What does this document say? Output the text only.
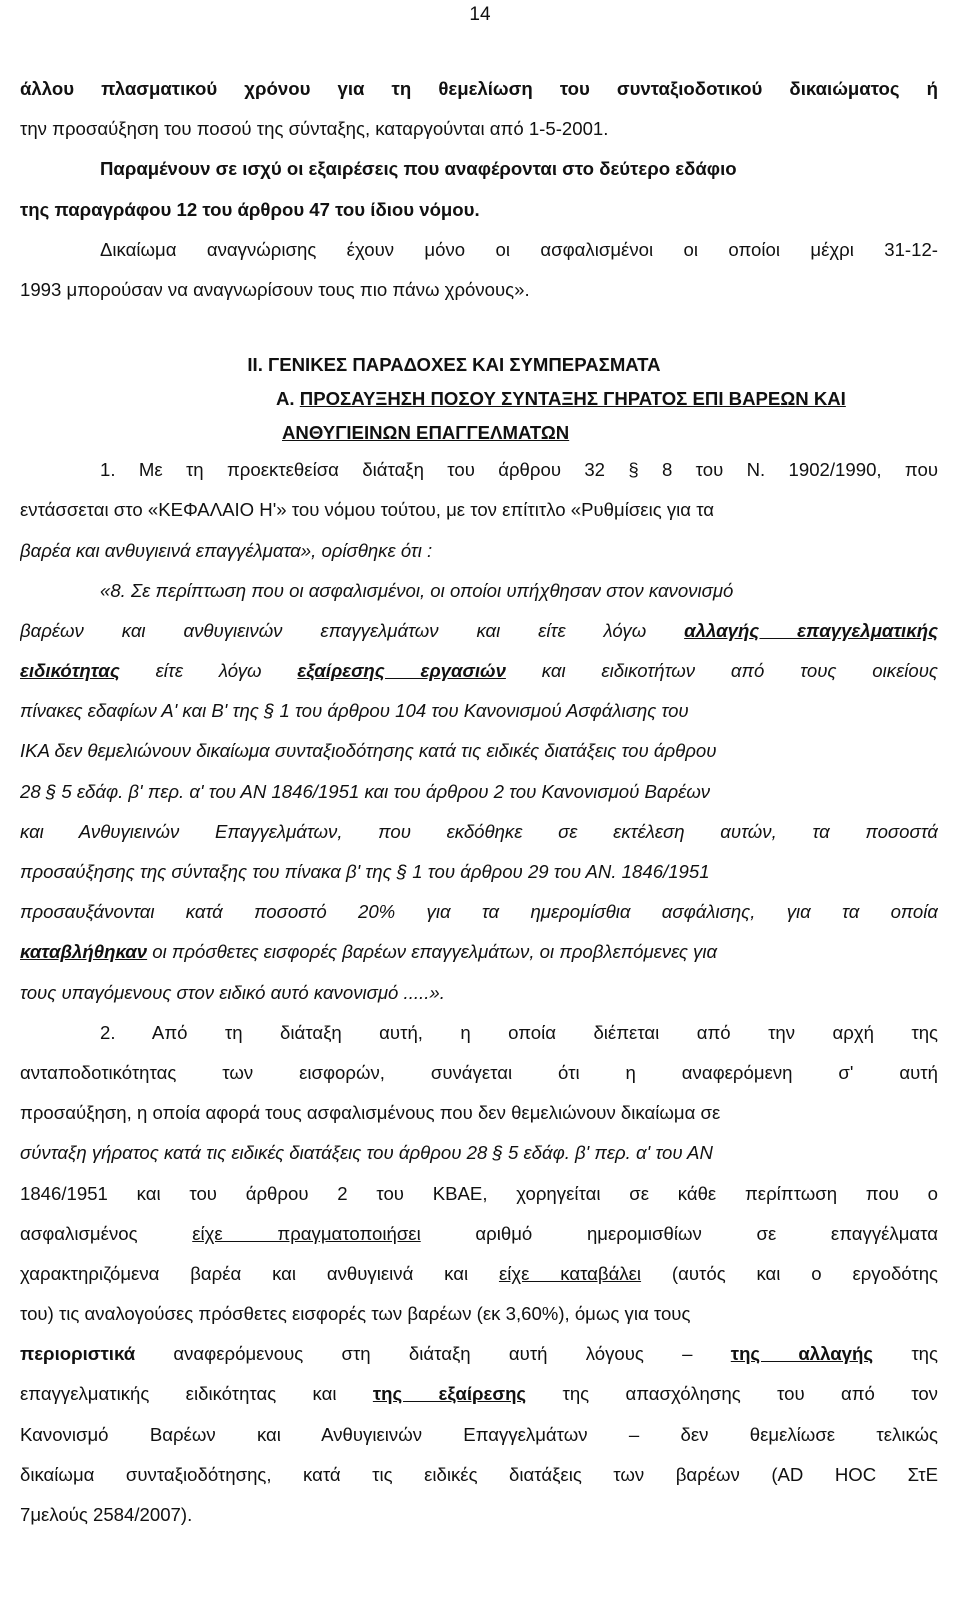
14
άλλου πλασματικού χρόνου για τη θεμελίωση του συνταξιοδοτικού δικαιώματος ή
την προσαύξηση του ποσού της σύνταξης, καταργούνται από 1-5-2001.
Παραμένουν σε ισχύ οι εξαιρέσεις που αναφέρονται στο δεύτερο εδάφιο
της παραγράφου 12 του άρθρου 47 του ίδιου νόμου.
Δικαίωμα αναγνώρισης έχουν μόνο οι ασφαλισμένοι οι οποίοι μέχρι 31-12-
1993 μπορούσαν να αναγνωρίσουν τους πιο πάνω χρόνους».
II. ΓΕΝΙΚΕΣ ΠΑΡΑΔΟΧΕΣ ΚΑΙ ΣΥΜΠΕΡΑΣΜΑΤΑ
Α. ΠΡΟΣΑΥΞΗΣΗ ΠΟΣΟΥ ΣΥΝΤΑΞΗΣ ΓΗΡΑΤΟΣ ΕΠΙ ΒΑΡΕΩΝ ΚΑΙ
ΑΝΘΥΓΙΕΙΝΩΝ ΕΠΑΓΓΕΛΜΑΤΩΝ
1. Με τη προεκτεθείσα διάταξη του άρθρου 32 § 8 του Ν. 1902/1990, που
εντάσσεται στο «ΚΕΦΑΛΑΙΟ Η'» του νόμου τούτου, με τον επίτιτλο «Ρυθμίσεις για τα
βαρέα και ανθυγιεινά επαγγέλματα», ορίσθηκε ότι :
«8. Σε περίπτωση που οι ασφαλισμένοι, οι οποίοι υπήχθησαν στον κανονισμό
βαρέων και ανθυγιεινών επαγγελμάτων και είτε λόγω αλλαγής επαγγελματικής
ειδικότητας είτε λόγω εξαίρεσης εργασιών και ειδικοτήτων από τους οικείους
πίνακες εδαφίων Α' και Β' της § 1 του άρθρου 104 του Κανονισμού Ασφάλισης του
ΙΚΑ δεν θεμελιώνουν δικαίωμα συνταξιοδότησης κατά τις ειδικές διατάξεις του άρθρου
28 § 5 εδάφ. β' περ. α' του ΑΝ 1846/1951 και του άρθρου 2 του Κανονισμού Βαρέων
και Ανθυγιεινών Επαγγελμάτων, που εκδόθηκε σε εκτέλεση αυτών, τα ποσοστά
προσαύξησης της σύνταξης του πίνακα β' της § 1 του άρθρου 29 του ΑΝ. 1846/1951
προσαυξάνονται κατά ποσοστό 20% για τα ημερομίσθια ασφάλισης, για τα οποία
καταβλήθηκαν οι πρόσθετες εισφορές βαρέων επαγγελμάτων, οι προβλεπόμενες για
τους υπαγόμενους στον ειδικό αυτό κανονισμό .....».
2. Από τη διάταξη αυτή, η οποία διέπεται από την αρχή της
ανταποδοτικότητας των εισφορών, συνάγεται ότι η αναφερόμενη σ' αυτή
προσαύξηση, η οποία αφορά τους ασφαλισμένους που δεν θεμελιώνουν δικαίωμα σε
σύνταξη γήρατος κατά τις ειδικές διατάξεις του άρθρου 28 § 5 εδάφ. β' περ. α' του ΑΝ
1846/1951 και του άρθρου 2 του ΚΒΑΕ, χορηγείται σε κάθε περίπτωση που ο
ασφαλισμένος	είχε πραγματοποιήσει	αριθμό ημερομισθίων σε επαγγέλματα
χαρακτηριζόμενα βαρέα και ανθυγιεινά και είχε καταβάλει (αυτός και ο εργοδότης
του) τις αναλογούσες πρόσθετες εισφορές των βαρέων (εκ 3,60%), όμως για τους
περιοριστικά αναφερόμενους στη διάταξη αυτή λόγους – της αλλαγής της
επαγγελματικής ειδικότητας και της εξαίρεσης της απασχόλησης του από τον
Κανονισμό Βαρέων και Ανθυγιεινών Επαγγελμάτων – δεν θεμελίωσε τελικώς
δικαίωμα συνταξιοδότησης, κατά τις ειδικές διατάξεις των βαρέων (AD HOC ΣτΕ
7μελούς 2584/2007).
